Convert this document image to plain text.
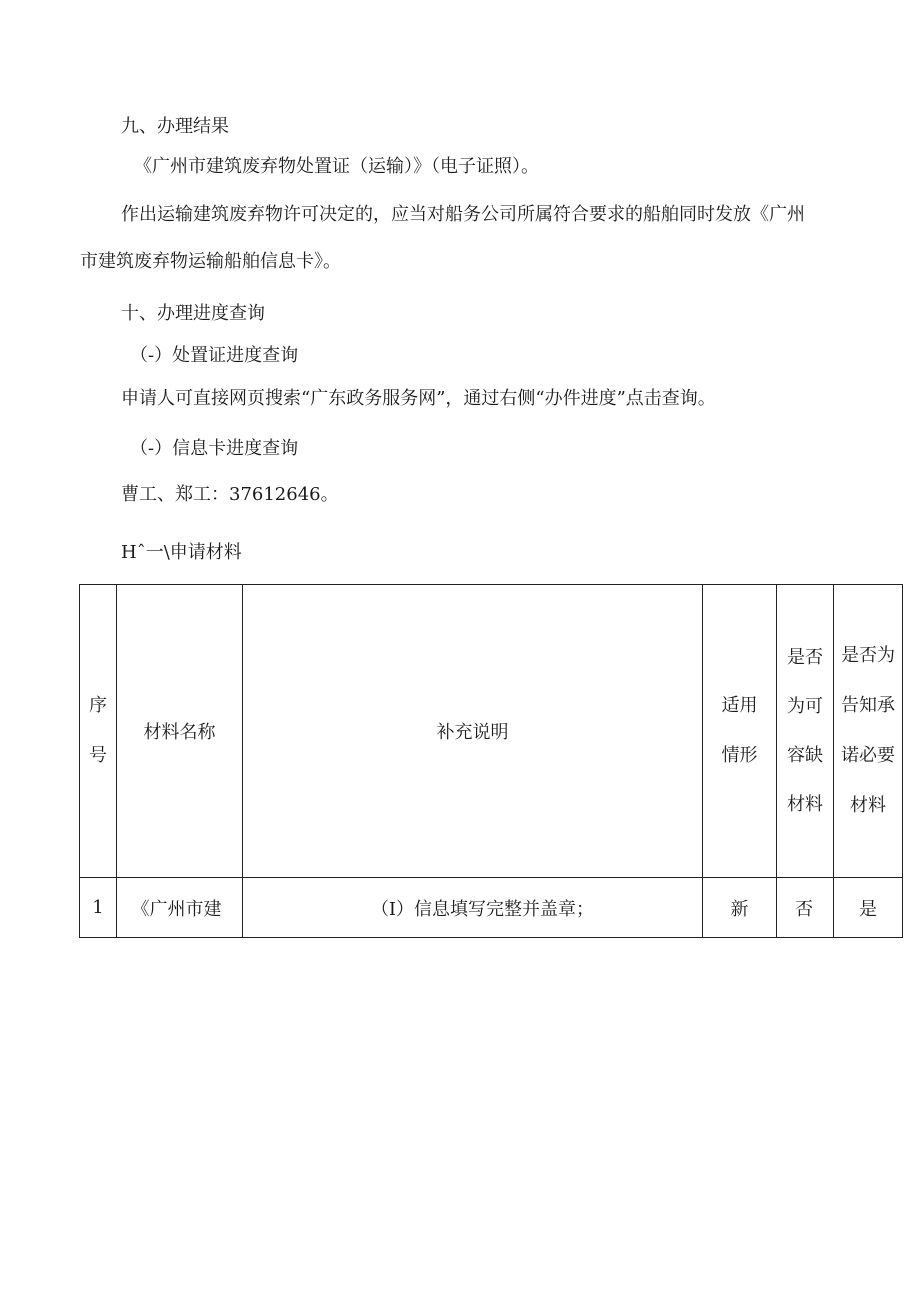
九、办理结果
《广州市建筑废弃物处置证（运输）》（电子证照）。
作出运输建筑废弃物许可决定的，应当对船务公司所属符合要求的船舶同时发放《广州
市建筑废弃物运输船舶信息卡》。
十、办理进度查询
（-）处置证进度查询
申请人可直接网页搜索“广东政务服务网”，通过右侧“办件进度”点击查询。
（-）信息卡进度查询
曹工、郑工：37612646。
Hˆ一\申请材料
序号	材料名称	补充说明	适用情形	是否为可容缺材料	是否为告知承诺必要材料
1	《广州市建	（I）信息填写完整并盖章；	新	否	是
